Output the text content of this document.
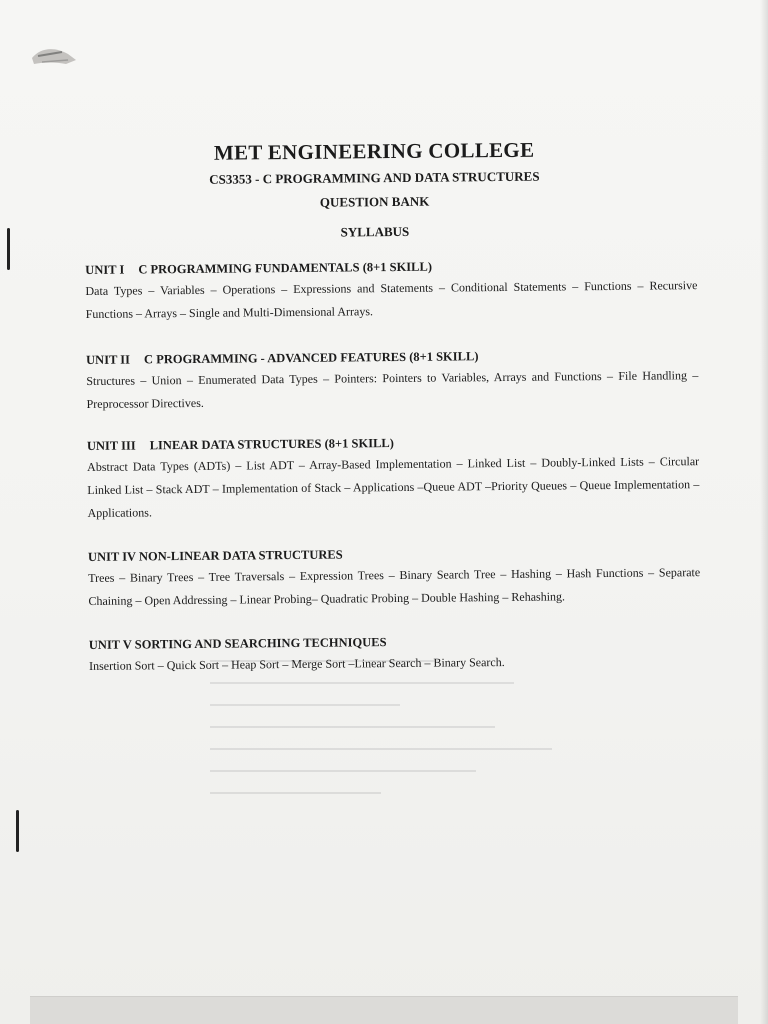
MET ENGINEERING COLLEGE

CS3353 - C PROGRAMMING AND DATA STRUCTURES

QUESTION BANK

SYLLABUS

UNIT I C PROGRAMMING FUNDAMENTALS (8+1 SKILL)

Data Types – Variables – Operations – Expressions and Statements – Conditional Statements – Functions – Recursive Functions – Arrays – Single and Multi-Dimensional Arrays.

UNIT II C PROGRAMMING - ADVANCED FEATURES (8+1 SKILL)

Structures – Union – Enumerated Data Types – Pointers: Pointers to Variables, Arrays and Functions – File Handling – Preprocessor Directives.

UNIT III LINEAR DATA STRUCTURES (8+1 SKILL)

Abstract Data Types (ADTs) – List ADT – Array-Based Implementation – Linked List – Doubly-Linked Lists – Circular Linked List – Stack ADT – Implementation of Stack – Applications –Queue ADT –Priority Queues – Queue Implementation – Applications.

UNIT IV NON-LINEAR DATA STRUCTURES

Trees – Binary Trees – Tree Traversals – Expression Trees – Binary Search Tree – Hashing – Hash Functions – Separate Chaining – Open Addressing – Linear Probing– Quadratic Probing – Double Hashing – Rehashing.

UNIT V SORTING AND SEARCHING TECHNIQUES

Insertion Sort – Quick Sort – Heap Sort – Merge Sort –Linear Search – Binary Search.
